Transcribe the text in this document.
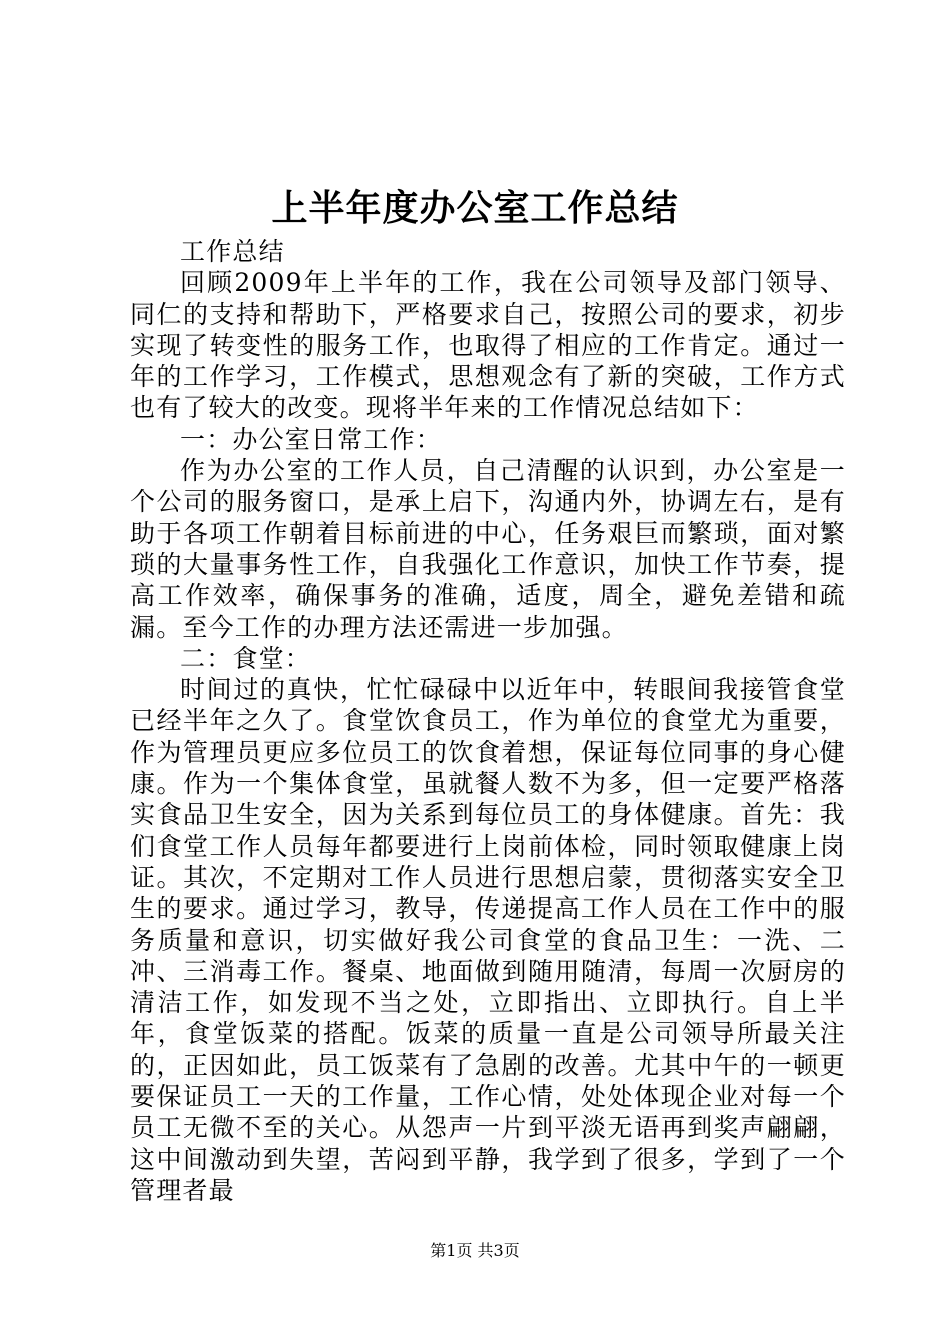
上半年度办公室工作总结

工作总结

回顾2009年上半年的工作，我在公司领导及部门领导、同仁的支持和帮助下，严格要求自己，按照公司的要求，初步实现了转变性的服务工作，也取得了相应的工作肯定。通过一年的工作学习，工作模式，思想观念有了新的突破，工作方式也有了较大的改变。现将半年来的工作情况总结如下：

一：办公室日常工作：

作为办公室的工作人员，自己清醒的认识到，办公室是一个公司的服务窗口，是承上启下，沟通内外，协调左右，是有助于各项工作朝着目标前进的中心，任务艰巨而繁琐，面对繁琐的大量事务性工作，自我强化工作意识，加快工作节奏，提高工作效率，确保事务的准确，适度，周全，避免差错和疏漏。至今工作的办理方法还需进一步加强。

二：食堂：

时间过的真快，忙忙碌碌中以近年中，转眼间我接管食堂已经半年之久了。食堂饮食员工，作为单位的食堂尤为重要，作为管理员更应多位员工的饮食着想，保证每位同事的身心健康。作为一个集体食堂，虽就餐人数不为多，但一定要严格落实食品卫生安全，因为关系到每位员工的身体健康。首先：我们食堂工作人员每年都要进行上岗前体检，同时领取健康上岗证。其次，不定期对工作人员进行思想启蒙，贯彻落实安全卫生的要求。通过学习，教导，传递提高工作人员在工作中的服务质量和意识，切实做好我公司食堂的食品卫生：一洗、二冲、三消毒工作。餐桌、地面做到随用随清，每周一次厨房的清洁工作，如发现不当之处，立即指出、立即执行。自上半年，食堂饭菜的搭配。饭菜的质量一直是公司领导所最关注的，正因如此，员工饭菜有了急剧的改善。尤其中午的一顿更要保证员工一天的工作量，工作心情，处处体现企业对每一个员工无微不至的关心。从怨声一片到平淡无语再到奖声翩翩，这中间激动到失望，苦闷到平静，我学到了很多，学到了一个管理者最

第1页 共3页
